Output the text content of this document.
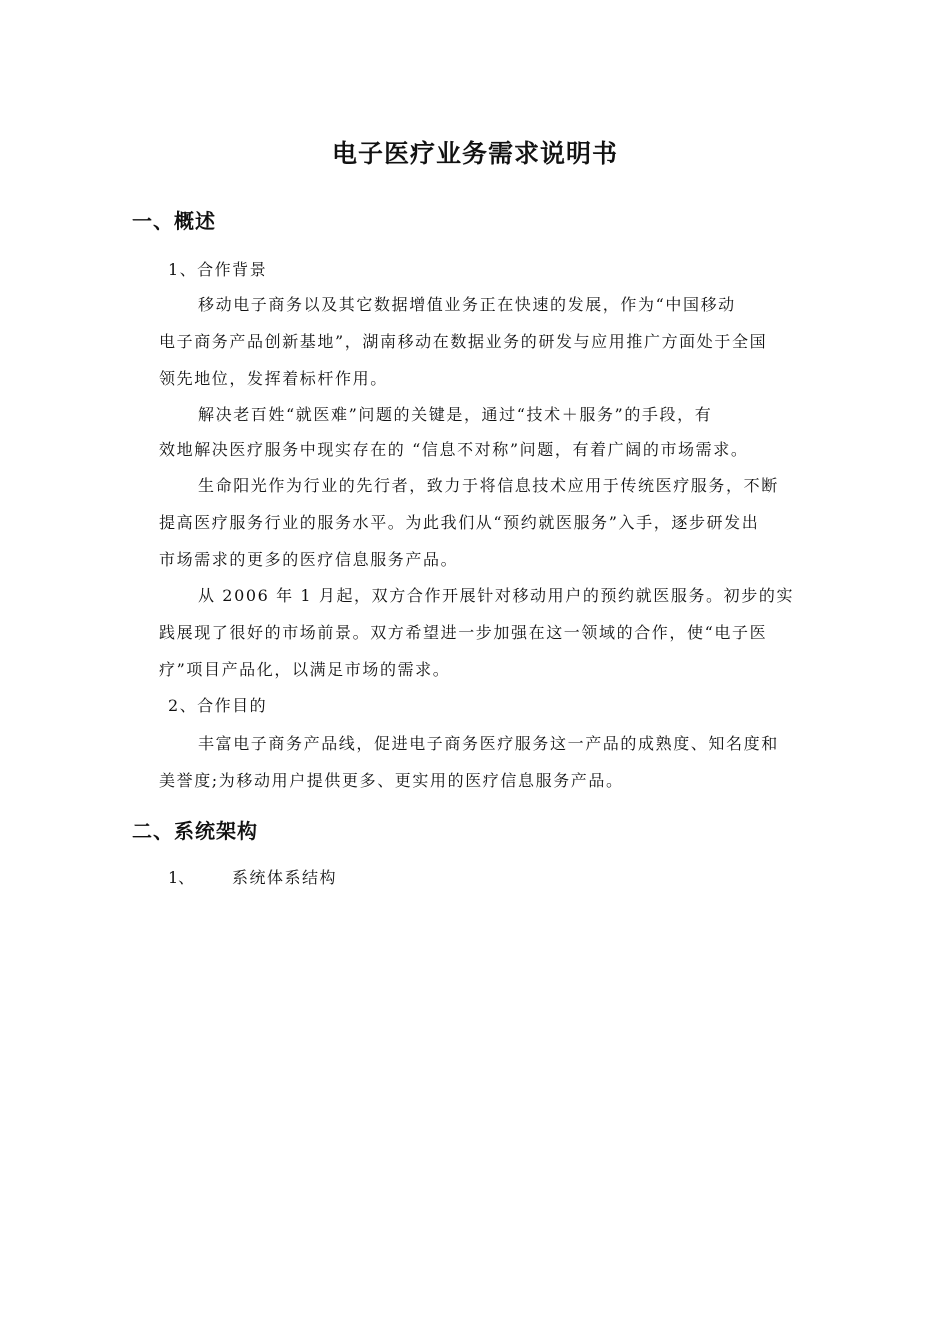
电子医疗业务需求说明书
一、概述
1、合作背景
移动电子商务以及其它数据增值业务正在快速的发展，作为“中国移动
电子商务产品创新基地”，湖南移动在数据业务的研发与应用推广方面处于全国
领先地位，发挥着标杆作用。
解决老百姓“就医难”问题的关键是，通过“技术＋服务”的手段，有
效地解决医疗服务中现实存在的 “信息不对称”问题，有着广阔的市场需求。
生命阳光作为行业的先行者，致力于将信息技术应用于传统医疗服务，不断
提高医疗服务行业的服务水平。为此我们从“预约就医服务”入手，逐步研发出
市场需求的更多的医疗信息服务产品。
从 2006 年 1 月起，双方合作开展针对移动用户的预约就医服务。初步的实
践展现了很好的市场前景。双方希望进一步加强在这一领域的合作，使“电子医
疗”项目产品化，以满足市场的需求。
2、合作目的
丰富电子商务产品线，促进电子商务医疗服务这一产品的成熟度、知名度和
美誉度;为移动用户提供更多、更实用的医疗信息服务产品。
二、系统架构
1、 系统体系结构
